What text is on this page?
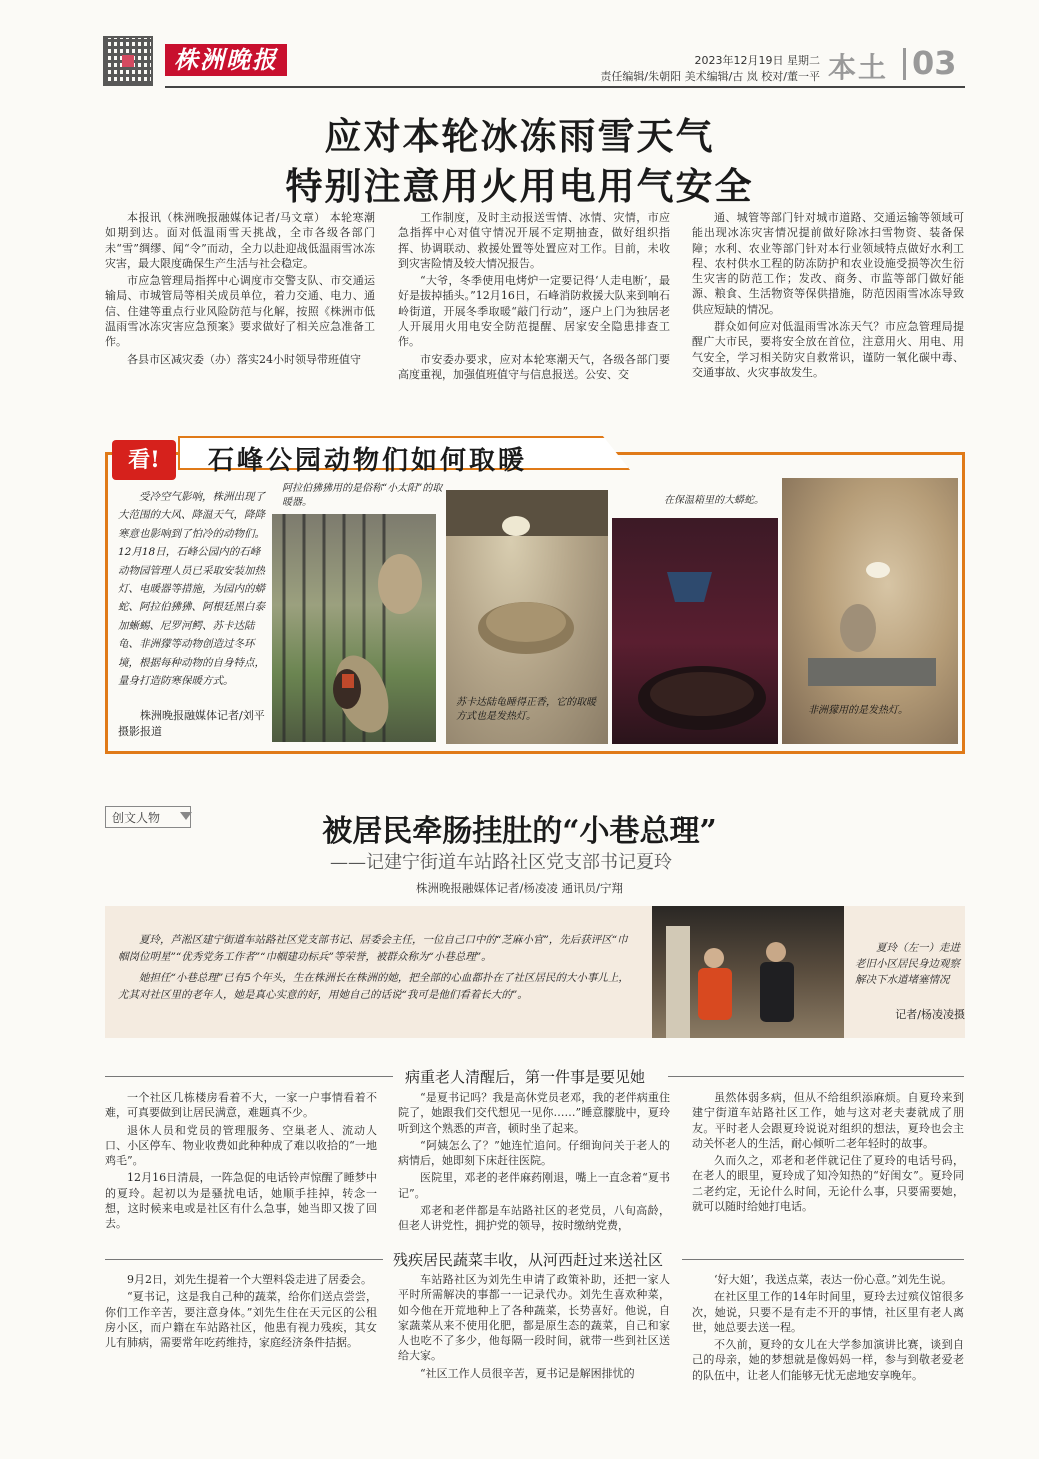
株洲晚报	2023年12月19日 星期二
责任编辑/朱朝阳 美术编辑/古 岚 校对/董一平 本土 03
应对本轮冰冻雨雪天气
特别注意用火用电用气安全

本报讯（株洲晚报融媒体记者/马文章） 本轮寒潮如期到达。面对低温雨雪天挑战，全市各级各部门未“雪”绸缪、闻“令”而动，全力以赴迎战低温雨雪冰冻灾害，最大限度确保生产生活与社会稳定。

市应急管理局指挥中心调度市交警支队、市交通运输局、市城管局等相关成员单位，着力交通、电力、通信、住建等重点行业风险防范与化解，按照《株洲市低温雨雪冰冻灾害应急预案》要求做好了相关应急准备工作。

各县市区减灾委（办）落实24小时领导带班值守

工作制度，及时主动报送雪情、冰情、灾情，市应急指挥中心对值守情况开展不定期抽查，做好组织指挥、协调联动、救援处置等处置应对工作。目前，未收到灾害险情及较大情况报告。

“大爷，冬季使用电烤炉一定要记得‘人走电断’，最好是拔掉插头。”12月16日，石峰消防救援大队来到响石岭街道，开展冬季取暖“敲门行动”，逐户上门为独居老人开展用火用电安全防范提醒、居家安全隐患排查工作。

市安委办要求，应对本轮寒潮天气，各级各部门要高度重视，加强值班值守与信息报送。公安、交

通、城管等部门针对城市道路、交通运输等领域可能出现冰冻灾害情况提前做好除冰扫雪物资、装备保障；水利、农业等部门针对本行业领域特点做好水利工程、农村供水工程的防冻防护和农业设施受损等次生衍生灾害的防范工作；发改、商务、市监等部门做好能源、粮食、生活物资等保供措施，防范因雨雪冰冻导致供应短缺的情况。

群众如何应对低温雨雪冰冻天气？市应急管理局提醒广大市民，要将安全放在首位，注意用火、用电、用气安全，学习相关防灾自救常识，谨防一氧化碳中毒、交通事故、火灾事故发生。

看!	石峰公园动物们如何取暖
受冷空气影响，株洲出现了大范围的大风、降温天气，降降寒意也影响到了怕冷的动物们。12月18日，石峰公园内的石峰动物园管理人员已采取安装加热灯、电暖器等措施，为园内的蟒蛇、阿拉伯狒狒、阿根廷黑白泰加蜥蜴、尼罗河鳄、苏卡达陆龟、非洲獴等动物创造过冬环境，根据每种动物的自身特点，量身打造防寒保暖方式。
株洲晚报融媒体记者/刘平 摄影报道
阿拉伯狒狒用的是俗称“小太阳”的取暖器。
苏卡达陆龟睡得正香，它的取暖方式也是发热灯。
在保温箱里的大蟒蛇。
非洲獴用的是发热灯。
创文人物	被居民牵肠挂肚的“小巷总理”
——记建宁街道车站路社区党支部书记夏玲
株洲晚报融媒体记者/杨凌凌 通讯员/宁翔

夏玲，芦淞区建宁街道车站路社区党支部书记、居委会主任，一位自己口中的“芝麻小官”，先后获评区“巾帼岗位明星”“优秀党务工作者”“巾帼建功标兵”等荣誉，被群众称为“小巷总理”。

她担任“小巷总理”已有5个年头，生在株洲长在株洲的她，把全部的心血都扑在了社区居民的大小事儿上，尤其对社区里的老年人，她是真心实意的好，用她自己的话说“我可是他们看着长大的”。

夏玲（左一）走进老旧小区居民身边观察解决下水道堵塞情况
记者/杨凌凌摄
病重老人清醒后，第一件事是要见她

一个社区几栋楼房看着不大，一家一户事情看着不难，可真要做到让居民满意，难题真不少。

退休人员和党员的管理服务、空巢老人、流动人口、小区停车、物业收费如此种种成了难以收拾的“一地鸡毛”。

12月16日清晨，一阵急促的电话铃声惊醒了睡梦中的夏玲。起初以为是骚扰电话，她顺手挂掉，转念一想，这时候来电或是社区有什么急事，她当即又拨了回去。

“是夏书记吗？我是高休党员老邓，我的老伴病重住院了，她跟我们交代想见一见你……”睡意朦胧中，夏玲听到这个熟悉的声音，顿时坐了起来。

“阿姨怎么了？”她连忙追问。仔细询问关于老人的病情后，她即刻下床赶往医院。

医院里，邓老的老伴麻药刚退，嘴上一直念着“夏书记”。

邓老和老伴都是车站路社区的老党员，八旬高龄，但老人讲党性，拥护党的领导，按时缴纳党费，

虽然体弱多病，但从不给组织添麻烦。自夏玲来到建宁街道车站路社区工作，她与这对老夫妻就成了朋友。平时老人会跟夏玲说说对组织的想法，夏玲也会主动关怀老人的生活，耐心倾听二老年轻时的故事。

久而久之，邓老和老伴就记住了夏玲的电话号码，在老人的眼里，夏玲成了知冷知热的“好闺女”。夏玲同二老约定，无论什么时间，无论什么事，只要需要她，就可以随时给她打电话。

残疾居民蔬菜丰收，从河西赶过来送社区

9月2日，刘先生提着一个大塑料袋走进了居委会。

“夏书记，这是我自己种的蔬菜，给你们送点尝尝，你们工作辛苦，要注意身体。”刘先生住在天元区的公租房小区，而户籍在车站路社区，他患有视力残疾，其女儿有肺病，需要常年吃药维持，家庭经济条件拮据。

车站路社区为刘先生申请了政策补助，还把一家人平时所需解决的事都一一记录代办。刘先生喜欢种菜，如今他在开荒地种上了各种蔬菜，长势喜好。他说，自家蔬菜从来不使用化肥，都是原生态的蔬菜，自己和家人也吃不了多少，他每隔一段时间，就带一些到社区送给大家。

“社区工作人员很辛苦，夏书记是解困排忧的

‘好大姐’，我送点菜，表达一份心意。”刘先生说。

在社区里工作的14年时间里，夏玲去过殡仪馆很多次，她说，只要不是有走不开的事情，社区里有老人离世，她总要去送一程。

不久前，夏玲的女儿在大学参加演讲比赛，谈到自己的母亲，她的梦想就是像妈妈一样，参与到敬老爱老的队伍中，让老人们能够无忧无虑地安享晚年。
